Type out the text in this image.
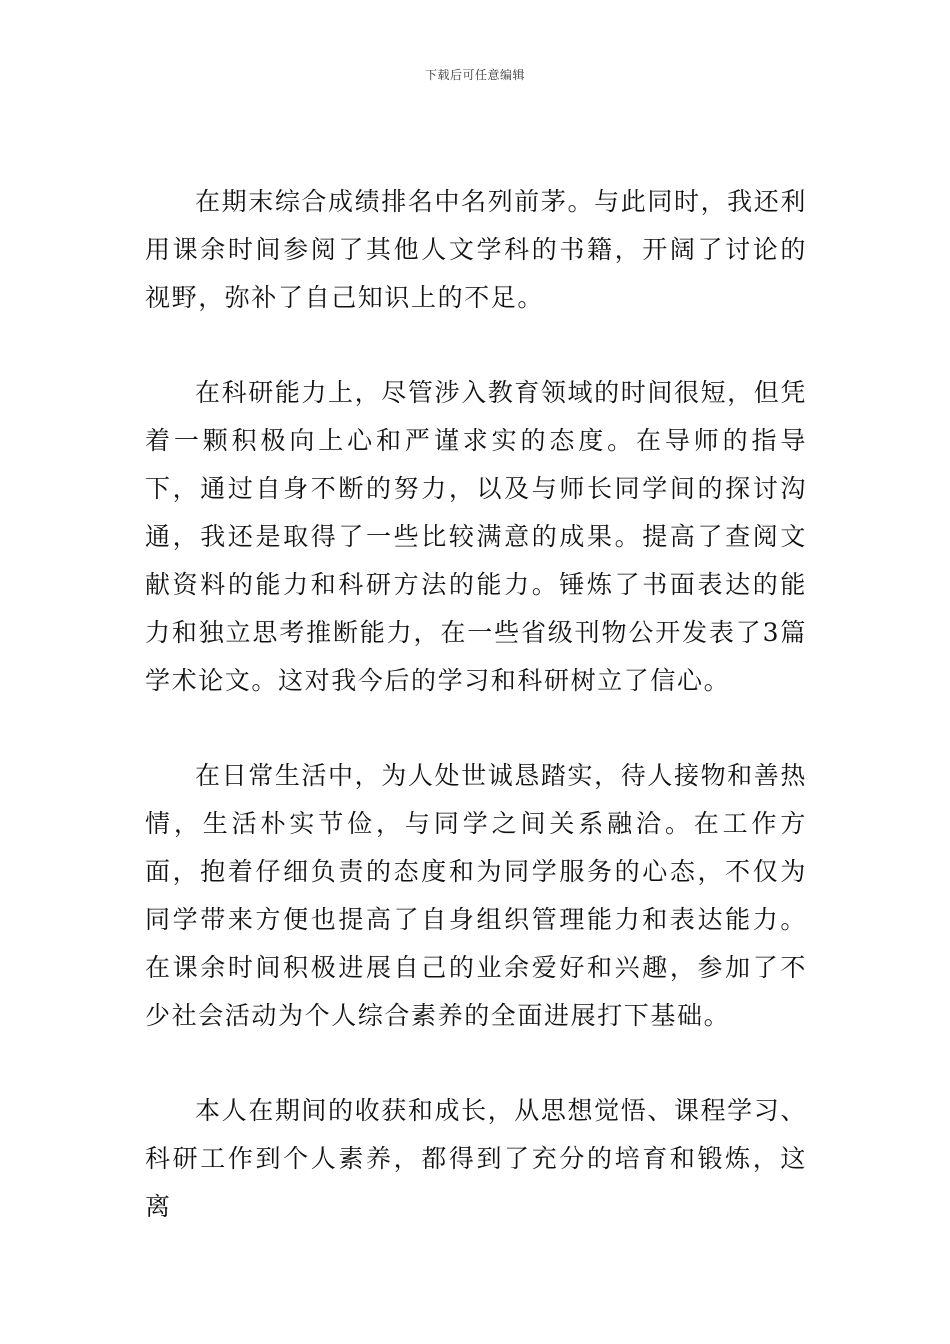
下载后可任意编辑

在期末综合成绩排名中名列前茅。与此同时，我还利用课余时间参阅了其他人文学科的书籍，开阔了讨论的视野，弥补了自己知识上的不足。

在科研能力上，尽管涉入教育领域的时间很短，但凭着一颗积极向上心和严谨求实的态度。在导师的指导下，通过自身不断的努力，以及与师长同学间的探讨沟通，我还是取得了一些比较满意的成果。提高了查阅文献资料的能力和科研方法的能力。锤炼了书面表达的能力和独立思考推断能力，在一些省级刊物公开发表了3篇学术论文。这对我今后的学习和科研树立了信心。

在日常生活中，为人处世诚恳踏实，待人接物和善热情，生活朴实节俭，与同学之间关系融洽。在工作方面，抱着仔细负责的态度和为同学服务的心态，不仅为同学带来方便也提高了自身组织管理能力和表达能力。在课余时间积极进展自己的业余爱好和兴趣，参加了不少社会活动为个人综合素养的全面进展打下基础。

本人在期间的收获和成长，从思想觉悟、课程学习、科研工作到个人素养，都得到了充分的培育和锻炼，这离
